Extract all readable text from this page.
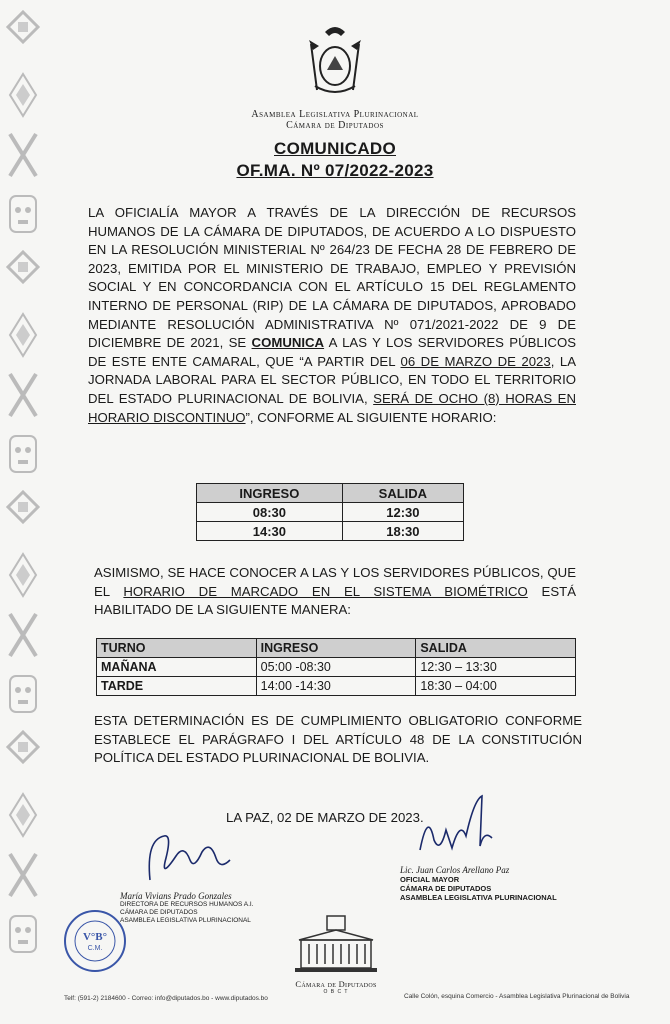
Asamblea Legislativa Plurinacional
Cámara de Diputados
COMUNICADO
OF.MA. Nº 07/2022-2023
LA OFICIALÍA MAYOR A TRAVÉS DE LA DIRECCIÓN DE RECURSOS HUMANOS DE LA CÁMARA DE DIPUTADOS, DE ACUERDO A LO DISPUESTO EN LA RESOLUCIÓN MINISTERIAL Nº 264/23 DE FECHA 28 DE FEBRERO DE 2023, EMITIDA POR EL MINISTERIO DE TRABAJO, EMPLEO Y PREVISIÓN SOCIAL Y EN CONCORDANCIA CON EL ARTÍCULO 15 DEL REGLAMENTO INTERNO DE PERSONAL (RIP) DE LA CÁMARA DE DIPUTADOS, APROBADO MEDIANTE RESOLUCIÓN ADMINISTRATIVA Nº 071/2021-2022 DE 9 DE DICIEMBRE DE 2021, SE COMUNICA A LAS Y LOS SERVIDORES PÚBLICOS DE ESTE ENTE CAMARAL, QUE “A PARTIR DEL 06 DE MARZO DE 2023, LA JORNADA LABORAL PARA EL SECTOR PÚBLICO, EN TODO EL TERRITORIO DEL ESTADO PLURINACIONAL DE BOLIVIA, SERÁ DE OCHO (8) HORAS EN HORARIO DISCONTINUO”, CONFORME AL SIGUIENTE HORARIO:
INGRESO	SALIDA
08:30	12:30
14:30	18:30
ASIMISMO, SE HACE CONOCER A LAS Y LOS SERVIDORES PÚBLICOS, QUE EL HORARIO DE MARCADO EN EL SISTEMA BIOMÉTRICO ESTÁ HABILITADO DE LA SIGUIENTE MANERA:
TURNO	INGRESO	SALIDA
MAÑANA	05:00 -08:30	12:30 – 13:30
TARDE	14:00 -14:30	18:30 – 04:00
ESTA DETERMINACIÓN ES DE CUMPLIMIENTO OBLIGATORIO CONFORME ESTABLECE EL PARÁGRAFO I DEL ARTÍCULO 48 DE LA CONSTITUCIÓN POLÍTICA DEL ESTADO PLURINACIONAL DE BOLIVIA.
LA PAZ, 02 DE MARZO DE 2023.
Lic. Juan Carlos Arellano Paz
OFICIAL MAYOR
CÁMARA DE DIPUTADOS
ASAMBLEA LEGISLATIVA PLURINACIONAL
María Vivians Prado Gonzales
DIRECTORA DE RECURSOS HUMANOS A.I.
CÁMARA DE DIPUTADOS
ASAMBLEA LEGISLATIVA PLURINACIONAL
V°B°
C.M.
Cámara de Diputados
O B C T
Telf: (591-2) 2184600 - Correo: info@diputados.bo - www.diputados.bo	Calle Colón, esquina Comercio - Asamblea Legislativa Plurinacional de Bolivia
